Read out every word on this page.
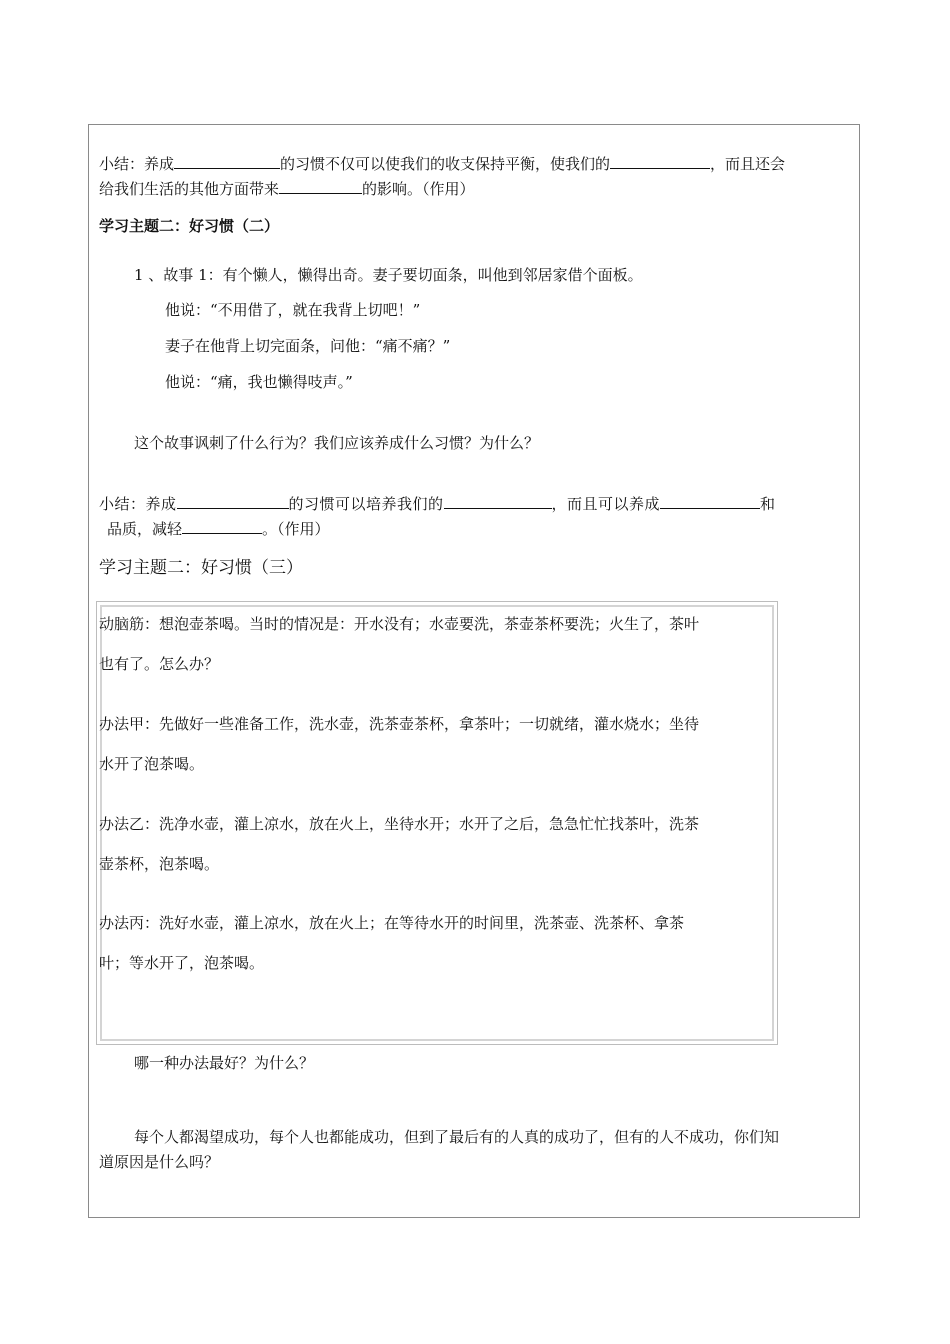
小结：养成	的习惯不仅可以使我们的收支保持平衡，使我们的	，而且还会
给我们生活的其他方面带来	的影响。（作用）
学习主题二：好习惯（二）
1 、故事 1：有个懒人，懒得出奇。妻子要切面条，叫他到邻居家借个面板。
他说：“不用借了，就在我背上切吧！”
妻子在他背上切完面条，问他：“痛不痛？”
他说：“痛，我也懒得吱声。”
这个故事讽刺了什么行为？我们应该养成什么习惯？为什么？
小结：养成	的习惯可以培养我们的	，而且可以养成	和
品质，减轻	。（作用）
学习主题二：好习惯（三）
动脑筋：想泡壶茶喝。当时的情况是：开水没有；水壶要洗，茶壶茶杯要洗；火生了，茶叶
也有了。怎么办？
办法甲：先做好一些准备工作，洗水壶，洗茶壶茶杯，拿茶叶；一切就绪，灌水烧水；坐待
水开了泡茶喝。
办法乙：洗净水壶，灌上凉水，放在火上，坐待水开；水开了之后，急急忙忙找茶叶，洗茶
壶茶杯，泡茶喝。
办法丙：洗好水壶，灌上凉水，放在火上；在等待水开的时间里，洗茶壶、洗茶杯、拿茶
叶；等水开了，泡茶喝。
哪一种办法最好？为什么？
每个人都渴望成功，每个人也都能成功，但到了最后有的人真的成功了，但有的人不成功，你们知
道原因是什么吗？
